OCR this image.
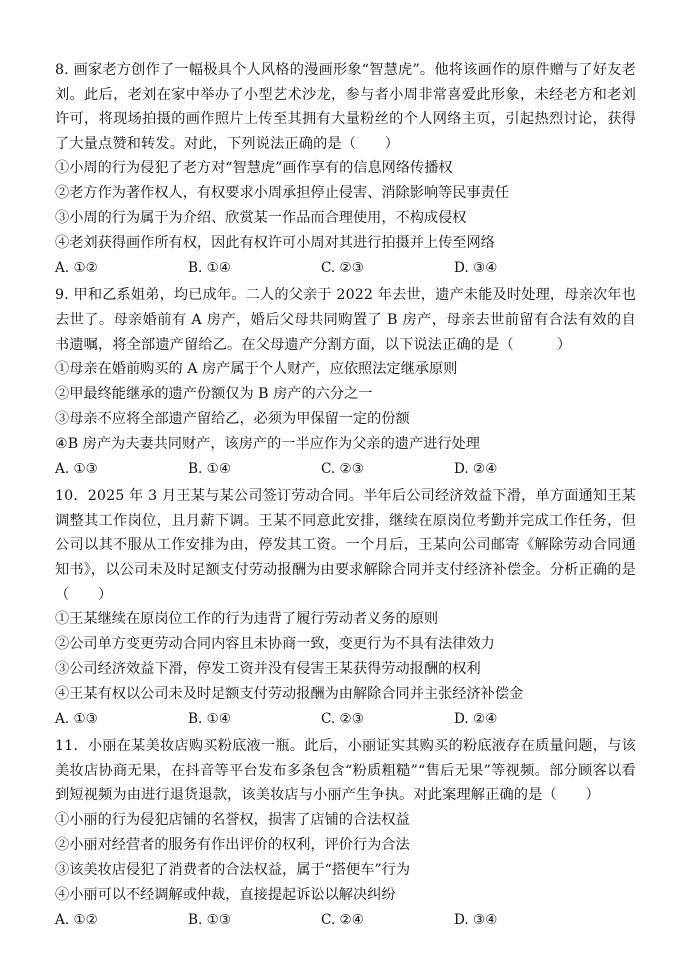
8. 画家老方创作了一幅极具个人风格的漫画形象“智慧虎”。他将该画作的原件赠与了好友老刘。此后，老刘在家中举办了小型艺术沙龙，参与者小周非常喜爱此形象，未经老方和老刘许可，将现场拍摄的画作照片上传至其拥有大量粉丝的个人网络主页，引起热烈讨论，获得了大量点赞和转发。对此，下列说法正确的是（　　）

①小周的行为侵犯了老方对“智慧虎”画作享有的信息网络传播权

②老方作为著作权人，有权要求小周承担停止侵害、消除影响等民事责任

③小周的行为属于为介绍、欣赏某一作品而合理使用，不构成侵权

④老刘获得画作所有权，因此有权许可小周对其进行拍摄并上传至网络

A. ①②	B. ①④	C. ②③	D. ③④

9. 甲和乙系姐弟，均已成年。二人的父亲于 2022 年去世，遗产未能及时处理，母亲次年也去世了。母亲婚前有 A 房产，婚后父母共同购置了 B 房产，母亲去世前留有合法有效的自书遗嘱，将全部遗产留给乙。在父母遗产分割方面，以下说法正确的是（　　　）

①母亲在婚前购买的 A 房产属于个人财产，应依照法定继承原则

②甲最终能继承的遗产份额仅为 B 房产的六分之一

③母亲不应将全部遗产留给乙，必须为甲保留一定的份额

④B 房产为夫妻共同财产，该房产的一半应作为父亲的遗产进行处理

A. ①③	B. ①④	C. ②③	D. ②④

10．2025 年 3 月王某与某公司签订劳动合同。半年后公司经济效益下滑，单方面通知王某调整其工作岗位，且月薪下调。王某不同意此安排，继续在原岗位考勤并完成工作任务，但公司以其不服从工作安排为由，停发其工资。一个月后，王某向公司邮寄《解除劳动合同通知书》，以公司未及时足额支付劳动报酬为由要求解除合同并支付经济补偿金。分析正确的是（　　）

①王某继续在原岗位工作的行为违背了履行劳动者义务的原则

②公司单方变更劳动合同内容且未协商一致，变更行为不具有法律效力

③公司经济效益下滑，停发工资并没有侵害王某获得劳动报酬的权利

④王某有权以公司未及时足额支付劳动报酬为由解除合同并主张经济补偿金

A. ①③	B. ①④	C. ②③	D. ②④

11．小丽在某美妆店购买粉底液一瓶。此后，小丽证实其购买的粉底液存在质量问题，与该美妆店协商无果，在抖音等平台发布多条包含“粉质粗糙”“售后无果”等视频。部分顾客以看到短视频为由进行退货退款，该美妆店与小丽产生争执。对此案理解正确的是（　　）

①小丽的行为侵犯店铺的名誉权，损害了店铺的合法权益

②小丽对经营者的服务有作出评价的权利，评价行为合法

③该美妆店侵犯了消费者的合法权益，属于“搭便车”行为

④小丽可以不经调解或仲裁，直接提起诉讼以解决纠纷

A. ①②	B. ①③	C. ②④	D. ③④
